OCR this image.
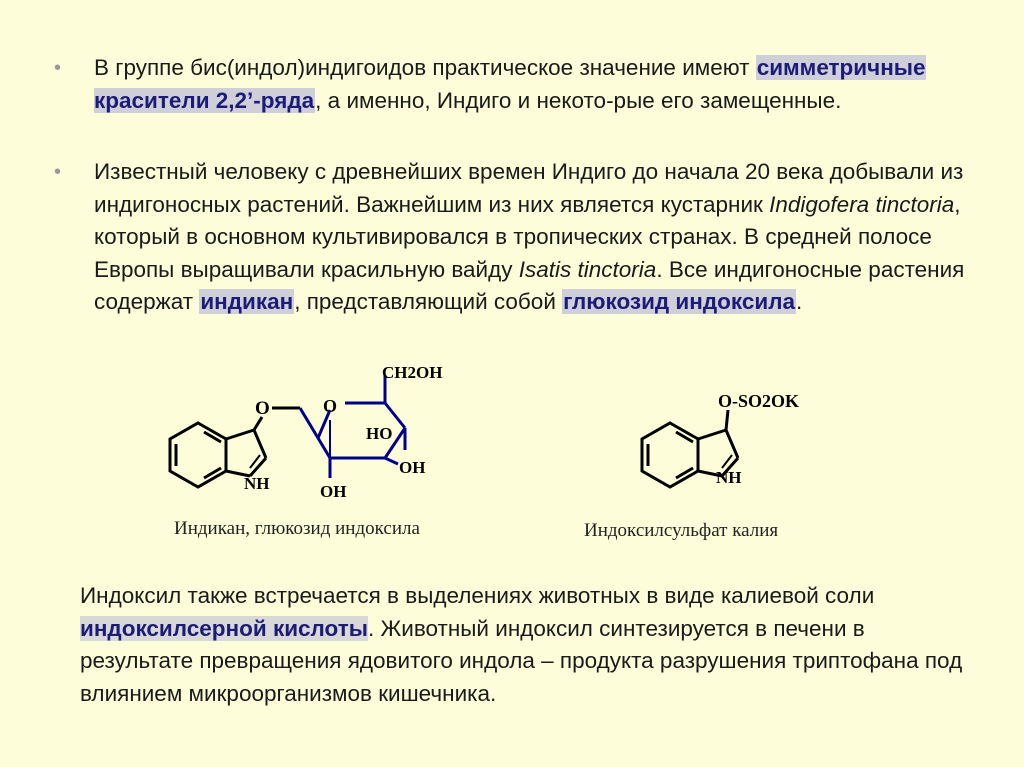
•	В группе бис(индол)индигоидов практическое значение имеют симметричные красители 2,2’-ряда, а именно, Индиго и некото-рые его замещенные.

•	Известный человеку с древнейших времен Индиго до начала 20 века добывали из индигоносных растений. Важнейшим из них является кустарник Indigofera tinctoria, который в основном культивировался в тропических странах. В средней полосе Европы выращивали красильную вайду Isatis tinctoria. Все индигоносные растения содержат индикан, представляющий собой глюкозид индоксила.

O
NH
O
CH2OH
HO
OH
OH
O-SO2OK
NH
Индикан, глюкозид индоксила	Индоксилсульфат калия

Индоксил также встречается в выделениях животных в виде калиевой соли индоксилсерной кислоты. Животный индоксил синтезируется в печени в результате превращения ядовитого индола – продукта разрушения триптофана под влиянием микроорганизмов кишечника.
